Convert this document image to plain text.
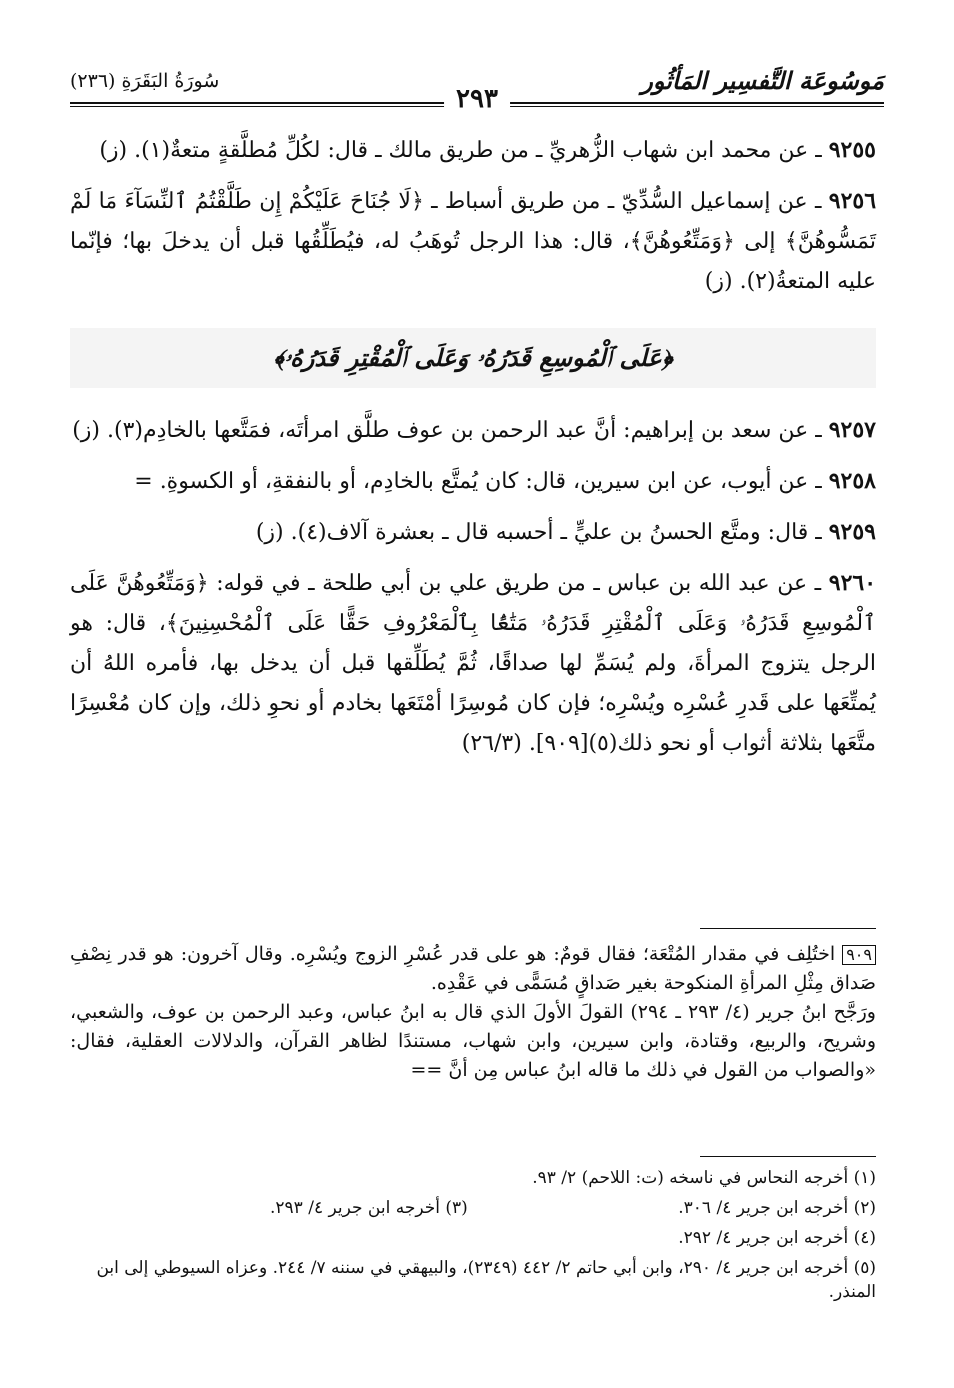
مَوسُوعَة التَّفسِير المَأثُور
سُورَةُ البَقَرَةِ (٢٣٦)
٢٩٣

٩٢٥٥ ـ عن محمد ابن شهاب الزُّهريِّ ـ من طريق مالك ـ قال: لكُلِّ مُطلَّقةٍ متعةٌ(١). (ز)

٩٢٥٦ ـ عن إسماعيل السُّدِّيّ ـ من طريق أسباط ـ ﴿لَا جُنَاحَ عَلَيْكُمْ إِن طَلَّقْتُمُ ٱلنِّسَآءَ مَا لَمْ تَمَسُّوهُنَّ﴾ إلى ﴿وَمَتِّعُوهُنَّ﴾، قال: هذا الرجل تُوهَبُ له، فيُطَلِّقُها قبل أن يدخلَ بها؛ فإنّما عليه المتعةُ(٢). (ز)

﴿عَلَى ٱلْمُوسِعِ قَدَرُهُۥ وَعَلَى ٱلْمُقْتِرِ قَدَرُهُۥ﴾

٩٢٥٧ ـ عن سعد بن إبراهيم: أنَّ عبد الرحمن بن عوف طلَّق امرأتَه، فمَتَّعها بالخادِم(٣). (ز)

٩٢٥٨ ـ عن أيوب، عن ابن سيرين، قال: كان يُمتَّع بالخادِم، أو بالنفقةِ، أو الكسوةِ. =

٩٢٥٩ ـ قال: ومتَّع الحسنُ بن عليٍّ ـ أحسبه قال ـ بعشرة آلاف(٤). (ز)

٩٢٦٠ ـ عن عبد الله بن عباس ـ من طريق علي بن أبي طلحة ـ في قوله: ﴿وَمَتِّعُوهُنَّ عَلَى ٱلْمُوسِعِ قَدَرُهُۥ وَعَلَى ٱلْمُقْتِرِ قَدَرُهُۥ مَتَٰعًۢا بِٱلْمَعْرُوفِ حَقًّا عَلَى ٱلْمُحْسِنِينَ﴾، قال: هو الرجل يتزوج المرأةَ، ولم يُسَمِّ لها صداقًا، ثُمَّ يُطَلِّقها قبل أن يدخل بها، فأمره اللهُ أن يُمتِّعَها على قَدرِ عُسْرِه ويُسْرِه؛ فإن كان مُوسِرًا أمْتَعَها بخادم أو نحوِ ذلك، وإن كان مُعْسِرًا متَّعَها بثلاثة أثواب أو نحو ذلك(٥)[٩٠٩]. (٢٦/٣)

٩٠٩ اختُلِف في مقدار المُتْعَة؛ فقال قومٌ: هو على قدر عُسْرِ الزوج ويُسْرِه. وقال آخرون: هو قدر نِصْفِ صَداق مِثْلِ المرأةِ المنكوحة بغير صَداقٍ مُسَمًّى في عَقْدِه.

ورَجَّح ابنُ جرير (٤/ ٢٩٣ ـ ٢٩٤) القولَ الأولَ الذي قال به ابنُ عباس، وعبد الرحمن بن عوف، والشعبي، وشريح، والربيع، وقتادة، وابن سيرين، وابن شهاب، مستندًا لظاهر القرآن، والدلالات العقلية، فقال: «والصواب من القول في ذلك ما قاله ابنُ عباس مِن أنَّ ==

(١) أخرجه النحاس في ناسخه (ت: اللاحم) ٢/ ٩٣.
(٢) أخرجه ابن جرير ٤/ ٣٠٦.
(٣) أخرجه ابن جرير ٤/ ٢٩٣.
(٤) أخرجه ابن جرير ٤/ ٢٩٢.
(٥) أخرجه ابن جرير ٤/ ٢٩٠، وابن أبي حاتم ٢/ ٤٤٢ (٢٣٤٩)، والبيهقي في سننه ٧/ ٢٤٤. وعزاه السيوطي إلى ابن المنذر.
